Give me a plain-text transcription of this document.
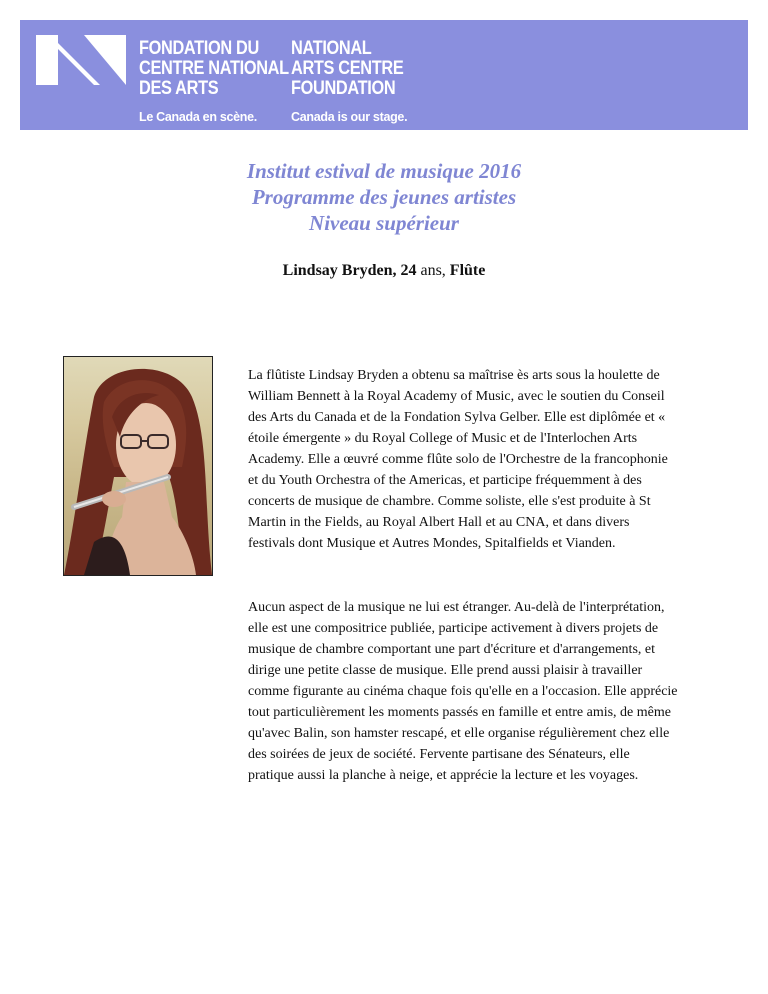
FONDATION DU
CENTRE NATIONAL
DES ARTS
Le Canada en scène.
NATIONAL
ARTS CENTRE
FOUNDATION
Canada is our stage.
Institut estival de musique 2016
Programme des jeunes artistes
Niveau supérieur
Lindsay Bryden, 24 ans, Flûte

La flûtiste Lindsay Bryden a obtenu sa maîtrise ès arts sous la houlette de William Bennett à la Royal Academy of Music, avec le soutien du Conseil des Arts du Canada et de la Fondation Sylva Gelber. Elle est diplômée et « étoile émergente » du Royal College of Music et de l'Interlochen Arts Academy. Elle a œuvré comme flûte solo de l'Orchestre de la francophonie et du Youth Orchestra of the Americas, et participe fréquemment à des concerts de musique de chambre. Comme soliste, elle s'est produite à St Martin in the Fields, au Royal Albert Hall et au CNA, et dans divers festivals dont Musique et Autres Mondes, Spitalfields et Vianden.

Aucun aspect de la musique ne lui est étranger. Au-delà de l'interprétation, elle est une compositrice publiée, participe activement à divers projets de musique de chambre comportant une part d'écriture et d'arrangements, et dirige une petite classe de musique. Elle prend aussi plaisir à travailler comme figurante au cinéma chaque fois qu'elle en a l'occasion. Elle apprécie tout particulièrement les moments passés en famille et entre amis, de même qu'avec Balin, son hamster rescapé, et elle organise régulièrement chez elle des soirées de jeux de société. Fervente partisane des Sénateurs, elle pratique aussi la planche à neige, et apprécie la lecture et les voyages.
